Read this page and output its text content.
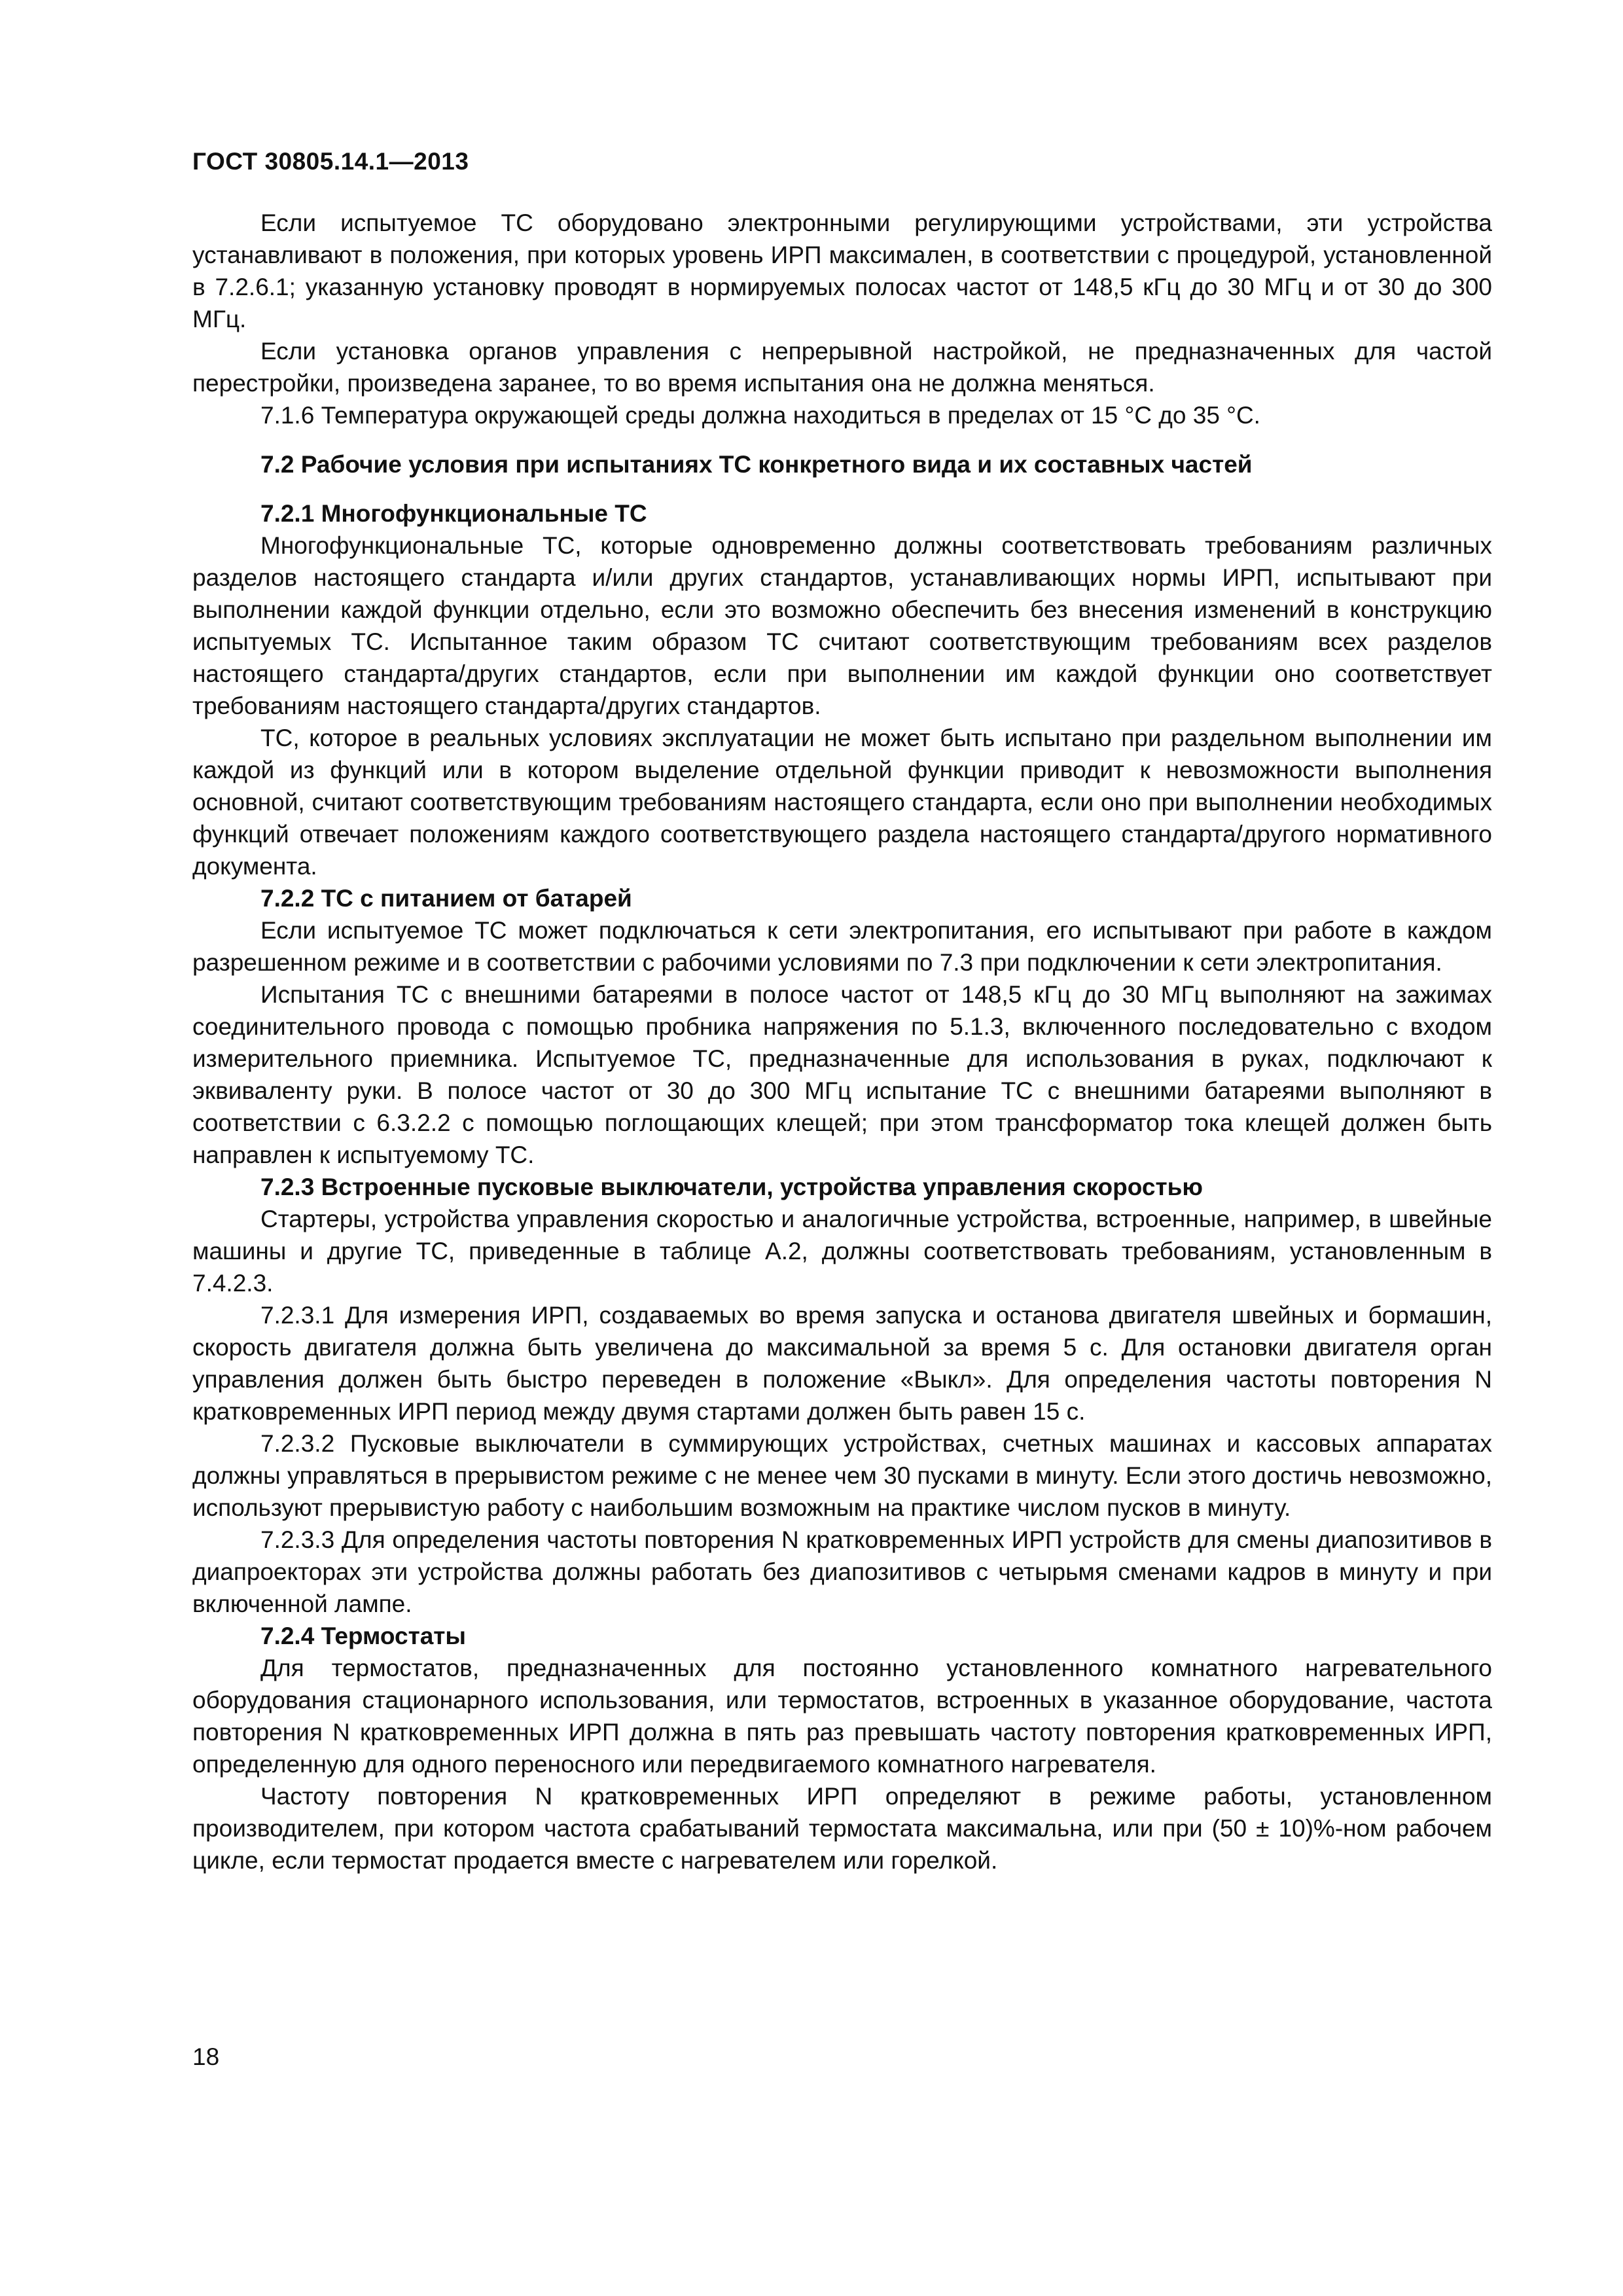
ГОСТ 30805.14.1—2013

Если испытуемое ТС оборудовано электронными регулирующими устройствами, эти устройства устанавливают в положения, при которых уровень ИРП максимален, в соответствии с процедурой, установленной в 7.2.6.1; указанную установку проводят в нормируемых полосах частот от 148,5 кГц до 30 МГц и от 30 до 300 МГц.

Если установка органов управления с непрерывной настройкой, не предназначенных для частой перестройки, произведена заранее, то во время испытания она не должна меняться.

7.1.6 Температура окружающей среды должна находиться в пределах от 15 °С до 35 °С.

7.2 Рабочие условия при испытаниях ТС конкретного вида и их составных частей
7.2.1 Многофункциональные ТС

Многофункциональные ТС, которые одновременно должны соответствовать требованиям различных разделов настоящего стандарта и/или других стандартов, устанавливающих нормы ИРП, испытывают при выполнении каждой функции отдельно, если это возможно обеспечить без внесения изменений в конструкцию испытуемых ТС. Испытанное таким образом ТС считают соответствующим требованиям всех разделов настоящего стандарта/других стандартов, если при выполнении им каждой функции оно соответствует требованиям настоящего стандарта/других стандартов.

ТС, которое в реальных условиях эксплуатации не может быть испытано при раздельном выполнении им каждой из функций или в котором выделение отдельной функции приводит к невозможности выполнения основной, считают соответствующим требованиям настоящего стандарта, если оно при выполнении необходимых функций отвечает положениям каждого соответствующего раздела настоящего стандарта/другого нормативного документа.

7.2.2 ТС с питанием от батарей

Если испытуемое ТС может подключаться к сети электропитания, его испытывают при работе в каждом разрешенном режиме и в соответствии с рабочими условиями по 7.3 при подключении к сети электропитания.

Испытания ТС с внешними батареями в полосе частот от 148,5 кГц до 30 МГц выполняют на зажимах соединительного провода с помощью пробника напряжения по 5.1.3, включенного последовательно с входом измерительного приемника. Испытуемое ТС, предназначенные для использования в руках, подключают к эквиваленту руки. В полосе частот от 30 до 300 МГц испытание ТС с внешними батареями выполняют в соответствии с 6.3.2.2 с помощью поглощающих клещей; при этом трансформатор тока клещей должен быть направлен к испытуемому ТС.

7.2.3 Встроенные пусковые выключатели, устройства управления скоростью

Стартеры, устройства управления скоростью и аналогичные устройства, встроенные, например, в швейные машины и другие ТС, приведенные в таблице А.2, должны соответствовать требованиям, установленным в 7.4.2.3.

7.2.3.1 Для измерения ИРП, создаваемых во время запуска и останова двигателя швейных и бормашин, скорость двигателя должна быть увеличена до максимальной за время 5 с. Для остановки двигателя орган управления должен быть быстро переведен в положение «Выкл». Для определения частоты повторения N кратковременных ИРП период между двумя стартами должен быть равен 15 с.

7.2.3.2 Пусковые выключатели в суммирующих устройствах, счетных машинах и кассовых аппаратах должны управляться в прерывистом режиме с не менее чем 30 пусками в минуту. Если этого достичь невозможно, используют прерывистую работу с наибольшим возможным на практике числом пусков в минуту.

7.2.3.3 Для определения частоты повторения N кратковременных ИРП устройств для смены диапозитивов в диапроекторах эти устройства должны работать без диапозитивов с четырьмя сменами кадров в минуту и при включенной лампе.

7.2.4 Термостаты

Для термостатов, предназначенных для постоянно установленного комнатного нагревательного оборудования стационарного использования, или термостатов, встроенных в указанное оборудование, частота повторения N кратковременных ИРП должна в пять раз превышать частоту повторения кратковременных ИРП, определенную для одного переносного или передвигаемого комнатного нагревателя.

Частоту повторения N кратковременных ИРП определяют в режиме работы, установленном производителем, при котором частота срабатываний термостата максимальна, или при (50 ± 10)%-ном рабочем цикле, если термостат продается вместе с нагревателем или горелкой.

18
